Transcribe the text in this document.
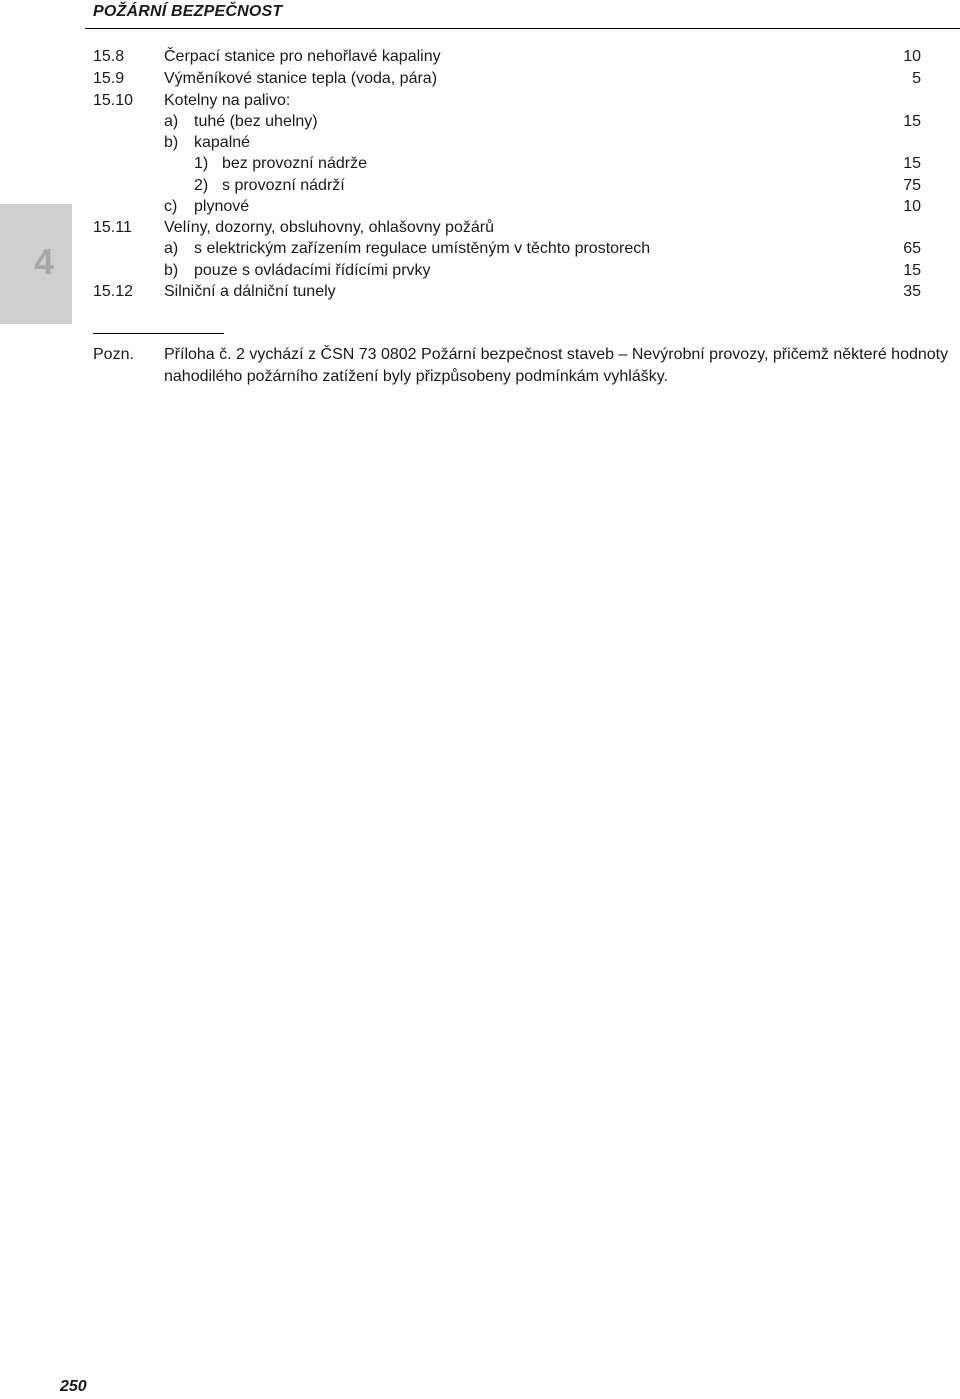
POŽÁRNÍ BEZPEČNOST
4
15.8 Čerpací stanice pro nehořlavé kapaliny	10
15.9 Výměníkové stanice tepla (voda, pára)	5
15.10 Kotelny na palivo:
a) tuhé (bez uhelny)	15
b) kapalné
1) bez provozní nádrže	15
2) s provozní nádrží	75
c) plynové	10
15.11 Velíny, dozorny, obsluhovny, ohlašovny požárů
a) s elektrickým zařízením regulace umístěným v těchto prostorech	65
b) pouze s ovládacími řídícími prvky	15
15.12 Silniční a dálniční tunely	35
Pozn. Příloha č. 2 vychází z ČSN 73 0802 Požární bezpečnost staveb – Nevýrobní provozy, přičemž některé hodnoty
nahodilého požárního zatížení byly přizpůsobeny podmínkám vyhlášky.
250
